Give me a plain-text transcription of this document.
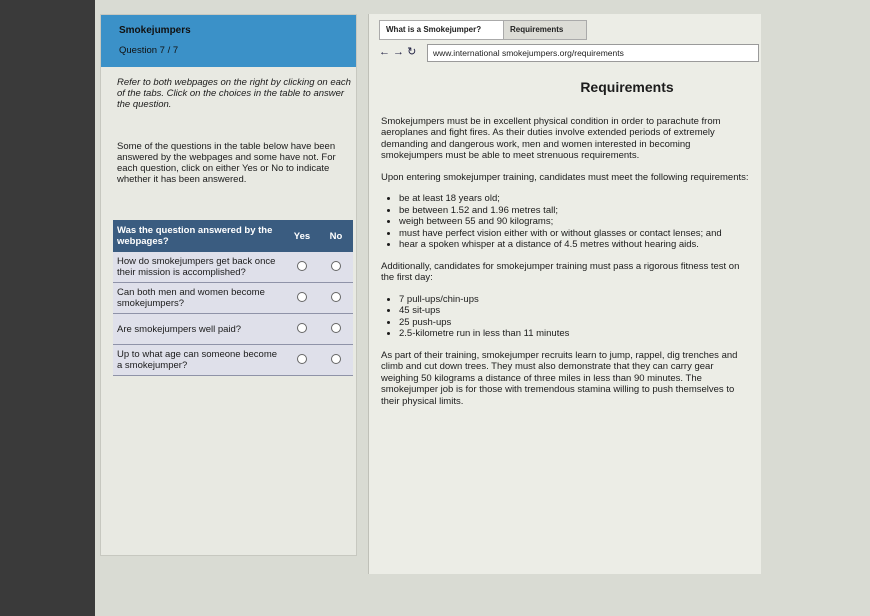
Smokejumpers
Question 7 / 7
Refer to both webpages on the right by clicking on each of the tabs. Click on the choices in the table to answer the question.
Some of the questions in the table below have been answered by the webpages and some have not. For each question, click on either Yes or No to indicate whether it has been answered.
Was the question answered by the webpages?	Yes	No
How do smokejumpers get back once their mission is accomplished?		
Can both men and women become smokejumpers?		
Are smokejumpers well paid?		
Up to what age can someone become a smokejumper?		
What is a Smokejumper?	Requirements
← → ↻	www.international smokejumpers.org/requirements
Requirements

Smokejumpers must be in excellent physical condition in order to parachute from aeroplanes and fight fires. As their duties involve extended periods of extremely demanding and dangerous work, men and women interested in becoming smokejumpers must be able to meet strenuous requirements.

Upon entering smokejumper training, candidates must meet the following requirements:

• be at least 18 years old;
• be between 1.52 and 1.96 metres tall;
• weigh between 55 and 90 kilograms;
• must have perfect vision either with or without glasses or contact lenses; and
• hear a spoken whisper at a distance of 4.5 metres without hearing aids.

Additionally, candidates for smokejumper training must pass a rigorous fitness test on the first day:

• 7 pull-ups/chin-ups
• 45 sit-ups
• 25 push-ups
• 2.5-kilometre run in less than 11 minutes

As part of their training, smokejumper recruits learn to jump, rappel, dig trenches and climb and cut down trees. They must also demonstrate that they can carry gear weighing 50 kilograms a distance of three miles in less than 90 minutes. The smokejumper job is for those with tremendous stamina willing to push themselves to their physical limits.
